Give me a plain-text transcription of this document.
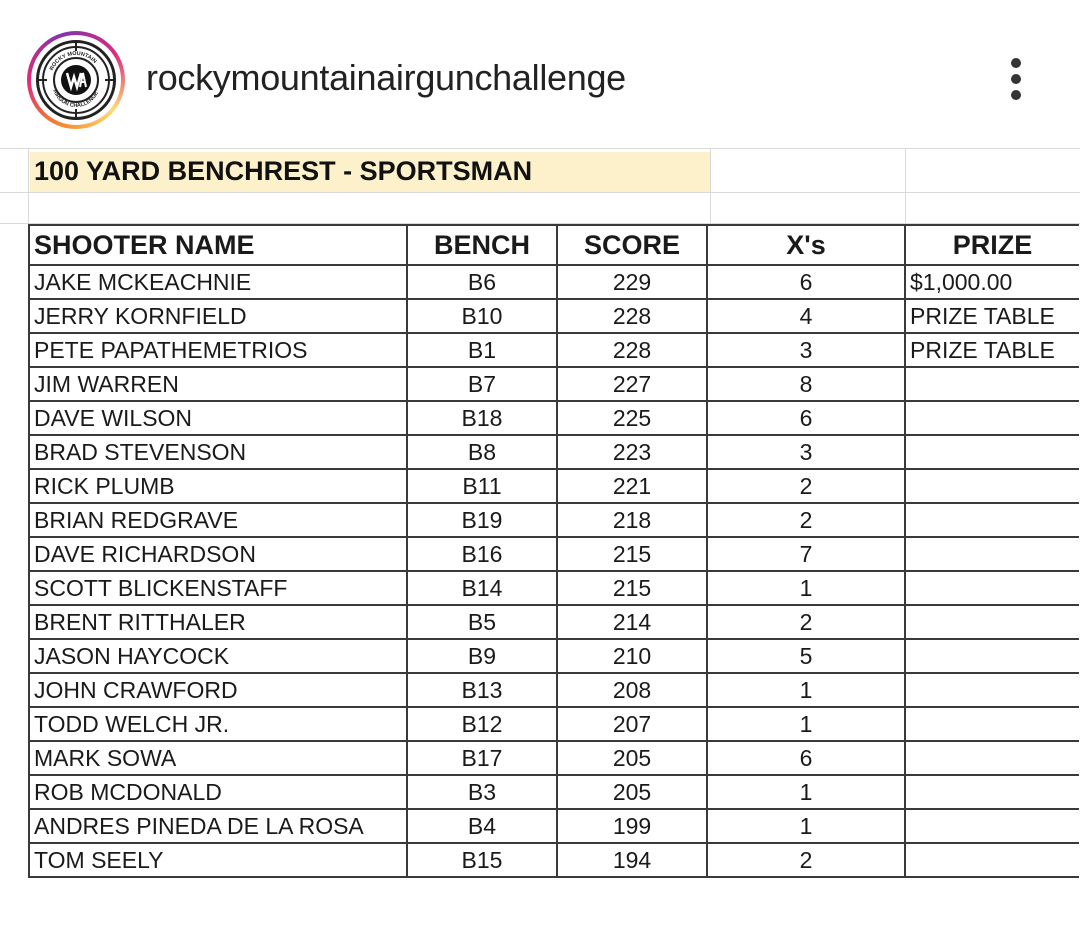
ROCKY MOUNTAIN
AIRGUN CHALLENGE rockymountainairgunchallenge
100 YARD BENCHREST - SPORTSMAN
SHOOTER NAME	BENCH	SCORE	X's	PRIZE
JAKE MCKEACHNIE	B6	229	6	$1,000.00
JERRY KORNFIELD	B10	228	4	PRIZE TABLE
PETE PAPATHEMETRIOS	B1	228	3	PRIZE TABLE
JIM WARREN	B7	227	8	
DAVE WILSON	B18	225	6	
BRAD STEVENSON	B8	223	3	
RICK PLUMB	B11	221	2	
BRIAN REDGRAVE	B19	218	2	
DAVE RICHARDSON	B16	215	7	
SCOTT BLICKENSTAFF	B14	215	1	
BRENT RITTHALER	B5	214	2	
JASON HAYCOCK	B9	210	5	
JOHN CRAWFORD	B13	208	1	
TODD WELCH JR.	B12	207	1	
MARK SOWA	B17	205	6	
ROB MCDONALD	B3	205	1	
ANDRES PINEDA DE LA ROSA	B4	199	1	
TOM SEELY	B15	194	2	
